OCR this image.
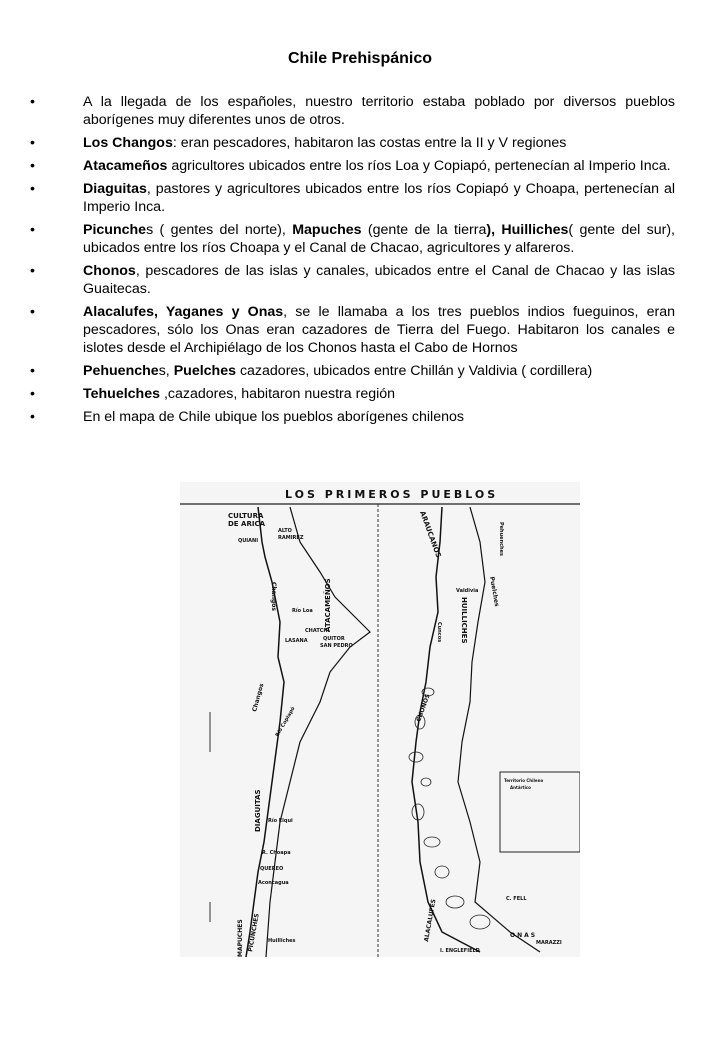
Chile Prehispánico
•	A la llegada de los españoles, nuestro territorio estaba poblado por diversos pueblos aborígenes muy diferentes unos de otros.
•	Los Changos: eran pescadores, habitaron las costas entre la II y V regiones
•	Atacameños agricultores ubicados entre los ríos Loa y Copiapó, pertenecían al Imperio Inca.
•	Diaguitas, pastores y agricultores ubicados entre los ríos Copiapó y Choapa, pertenecían al Imperio Inca.
•	Picunches ( gentes del norte), Mapuches (gente de la tierra), Huilliches( gente del sur), ubicados entre los ríos Choapa y el Canal de Chacao, agricultores y alfareros.
•	Chonos, pescadores de las islas y canales, ubicados entre el Canal de Chacao y las islas Guaitecas.
•	Alacalufes, Yaganes y Onas, se le llamaba a los tres pueblos indios fueguinos, eran pescadores, sólo los Onas eran cazadores de Tierra del Fuego. Habitaron los canales e islotes desde el Archipiélago de los Chonos hasta el Cabo de Hornos
•	Pehuenches, Puelches cazadores, ubicados entre Chillán y Valdivia ( cordillera)
•	Tehuelches ,cazadores, habitaron nuestra región
•	En el mapa de Chile ubique los pueblos aborígenes chilenos
LOS PRIMEROS PUEBLOS
CULTURA
DE ARICA
ALTO
RAMIREZ
QUIANI
Changos
Río Loa
CHATCHI
LASANA	QUITOR
SAN PEDRO
ATACAMEÑOS
Changos
Río Copiapó
DIAGUITAS Río Elqui
R. Choapa
QUEREO
Aconcagua
PICUNCHES Huilliches
MAPUCHES
ARAUCANOS	Pehuenches
Puelches
Valdivia
Cuncos	HUILLICHES
CHONOS
ALACALUFES
Territorio Chileno
Antártico
C. FELL
ONAS
MARAZZI
I. ENGLEFIELD
